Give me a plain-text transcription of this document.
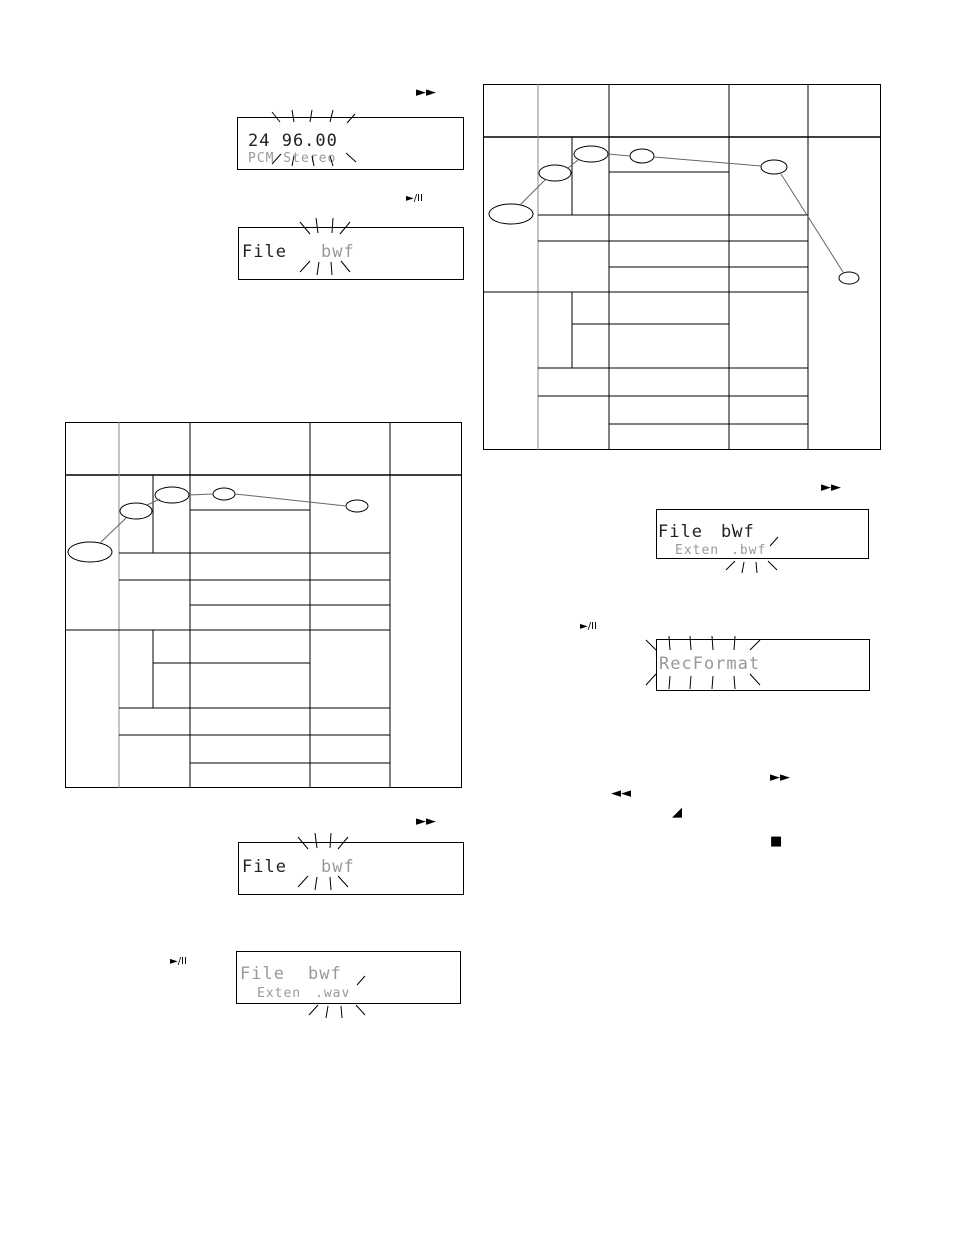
►►
►/II
24 96.00
PCM Stereo
File bwf
►►
►/II
File bwf
File bwf
Exten .wav
►►
►/II
File bwf
Exten .bwf
RecFormat
►►
◄◄
◢
■
